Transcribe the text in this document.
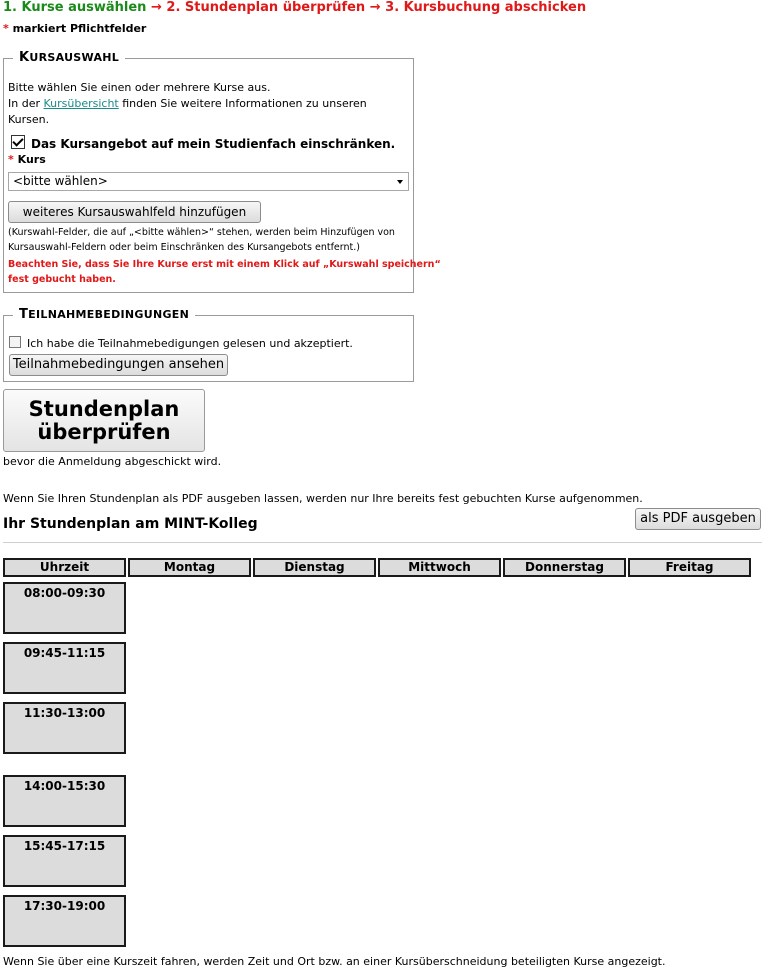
1. Kurse auswählen → 2. Stundenplan überprüfen → 3. Kursbuchung abschicken
* markiert Pflichtfelder
KURSAUSWAHL
Bitte wählen Sie einen oder mehrere Kurse aus.
In der Kursübersicht finden Sie weitere Informationen zu unseren
Kursen.
Das Kursangebot auf mein Studienfach einschränken.
* Kurs
<bitte wählen>
weiteres Kursauswahlfeld hinzufügen
(Kurswahl-Felder, die auf „<bitte wählen>“ stehen, werden beim Hinzufügen von
Kursauswahl-Feldern oder beim Einschränken des Kursangebots entfernt.)
Beachten Sie, dass Sie Ihre Kurse erst mit einem Klick auf „Kurswahl speichern“
fest gebucht haben.
TEILNAHMEBEDINGUNGEN
Ich habe die Teilnahmebedigungen gelesen und akzeptiert.
Teilnahmebedingungen ansehen
Stundenplan
überprüfen
bevor die Anmeldung abgeschickt wird.
Wenn Sie Ihren Stundenplan als PDF ausgeben lassen, werden nur Ihre bereits fest gebuchten Kurse aufgenommen.
Ihr Stundenplan am MINT-Kolleg	als PDF ausgeben
Uhrzeit	Montag	Dienstag	Mittwoch	Donnerstag	Freitag
08:00-09:30
09:45-11:15
11:30-13:00
14:00-15:30
15:45-17:15
17:30-19:00
Wenn Sie über eine Kurszeit fahren, werden Zeit und Ort bzw. an einer Kursüberschneidung beteiligten Kurse angezeigt.
